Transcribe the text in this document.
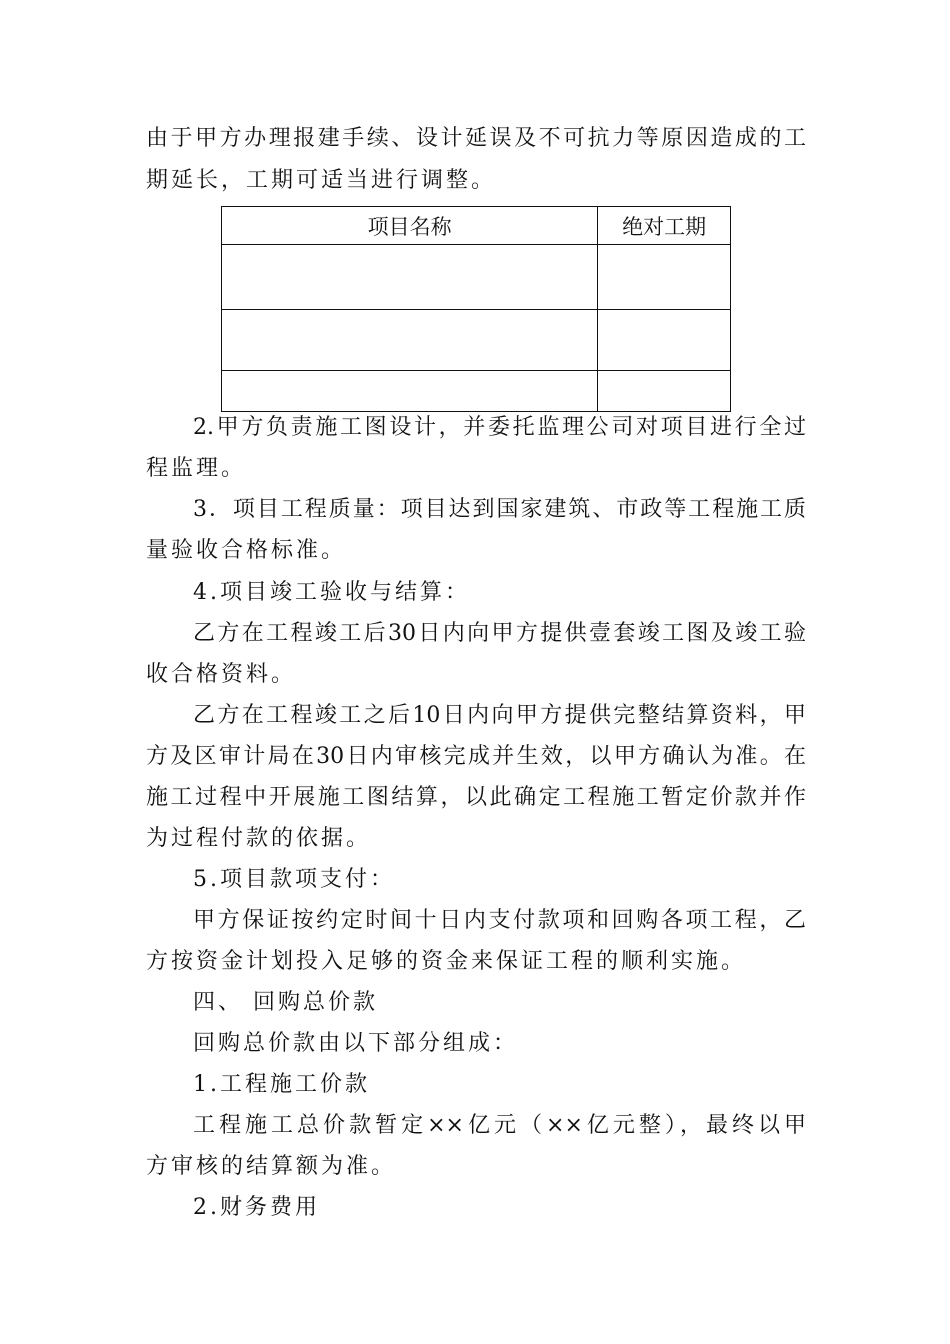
由于甲方办理报建手续、设计延误及不可抗力等原因造成的工
期延长，工期可适当进行调整。
项目名称	绝对工期

2.甲方负责施工图设计，并委托监理公司对项目进行全过
程监理。
3．项目工程质量：项目达到国家建筑、市政等工程施工质
量验收合格标准。
4.项目竣工验收与结算：
乙方在工程竣工后30日内向甲方提供壹套竣工图及竣工验
收合格资料。
乙方在工程竣工之后10日内向甲方提供完整结算资料，甲
方及区审计局在30日内审核完成并生效，以甲方确认为准。在
施工过程中开展施工图结算，以此确定工程施工暂定价款并作
为过程付款的依据。
5.项目款项支付：
甲方保证按约定时间十日内支付款项和回购各项工程，乙
方按资金计划投入足够的资金来保证工程的顺利实施。
四、 回购总价款
回购总价款由以下部分组成：
1.工程施工价款
工程施工总价款暂定××亿元（××亿元整），最终以甲
方审核的结算额为准。
2.财务费用
